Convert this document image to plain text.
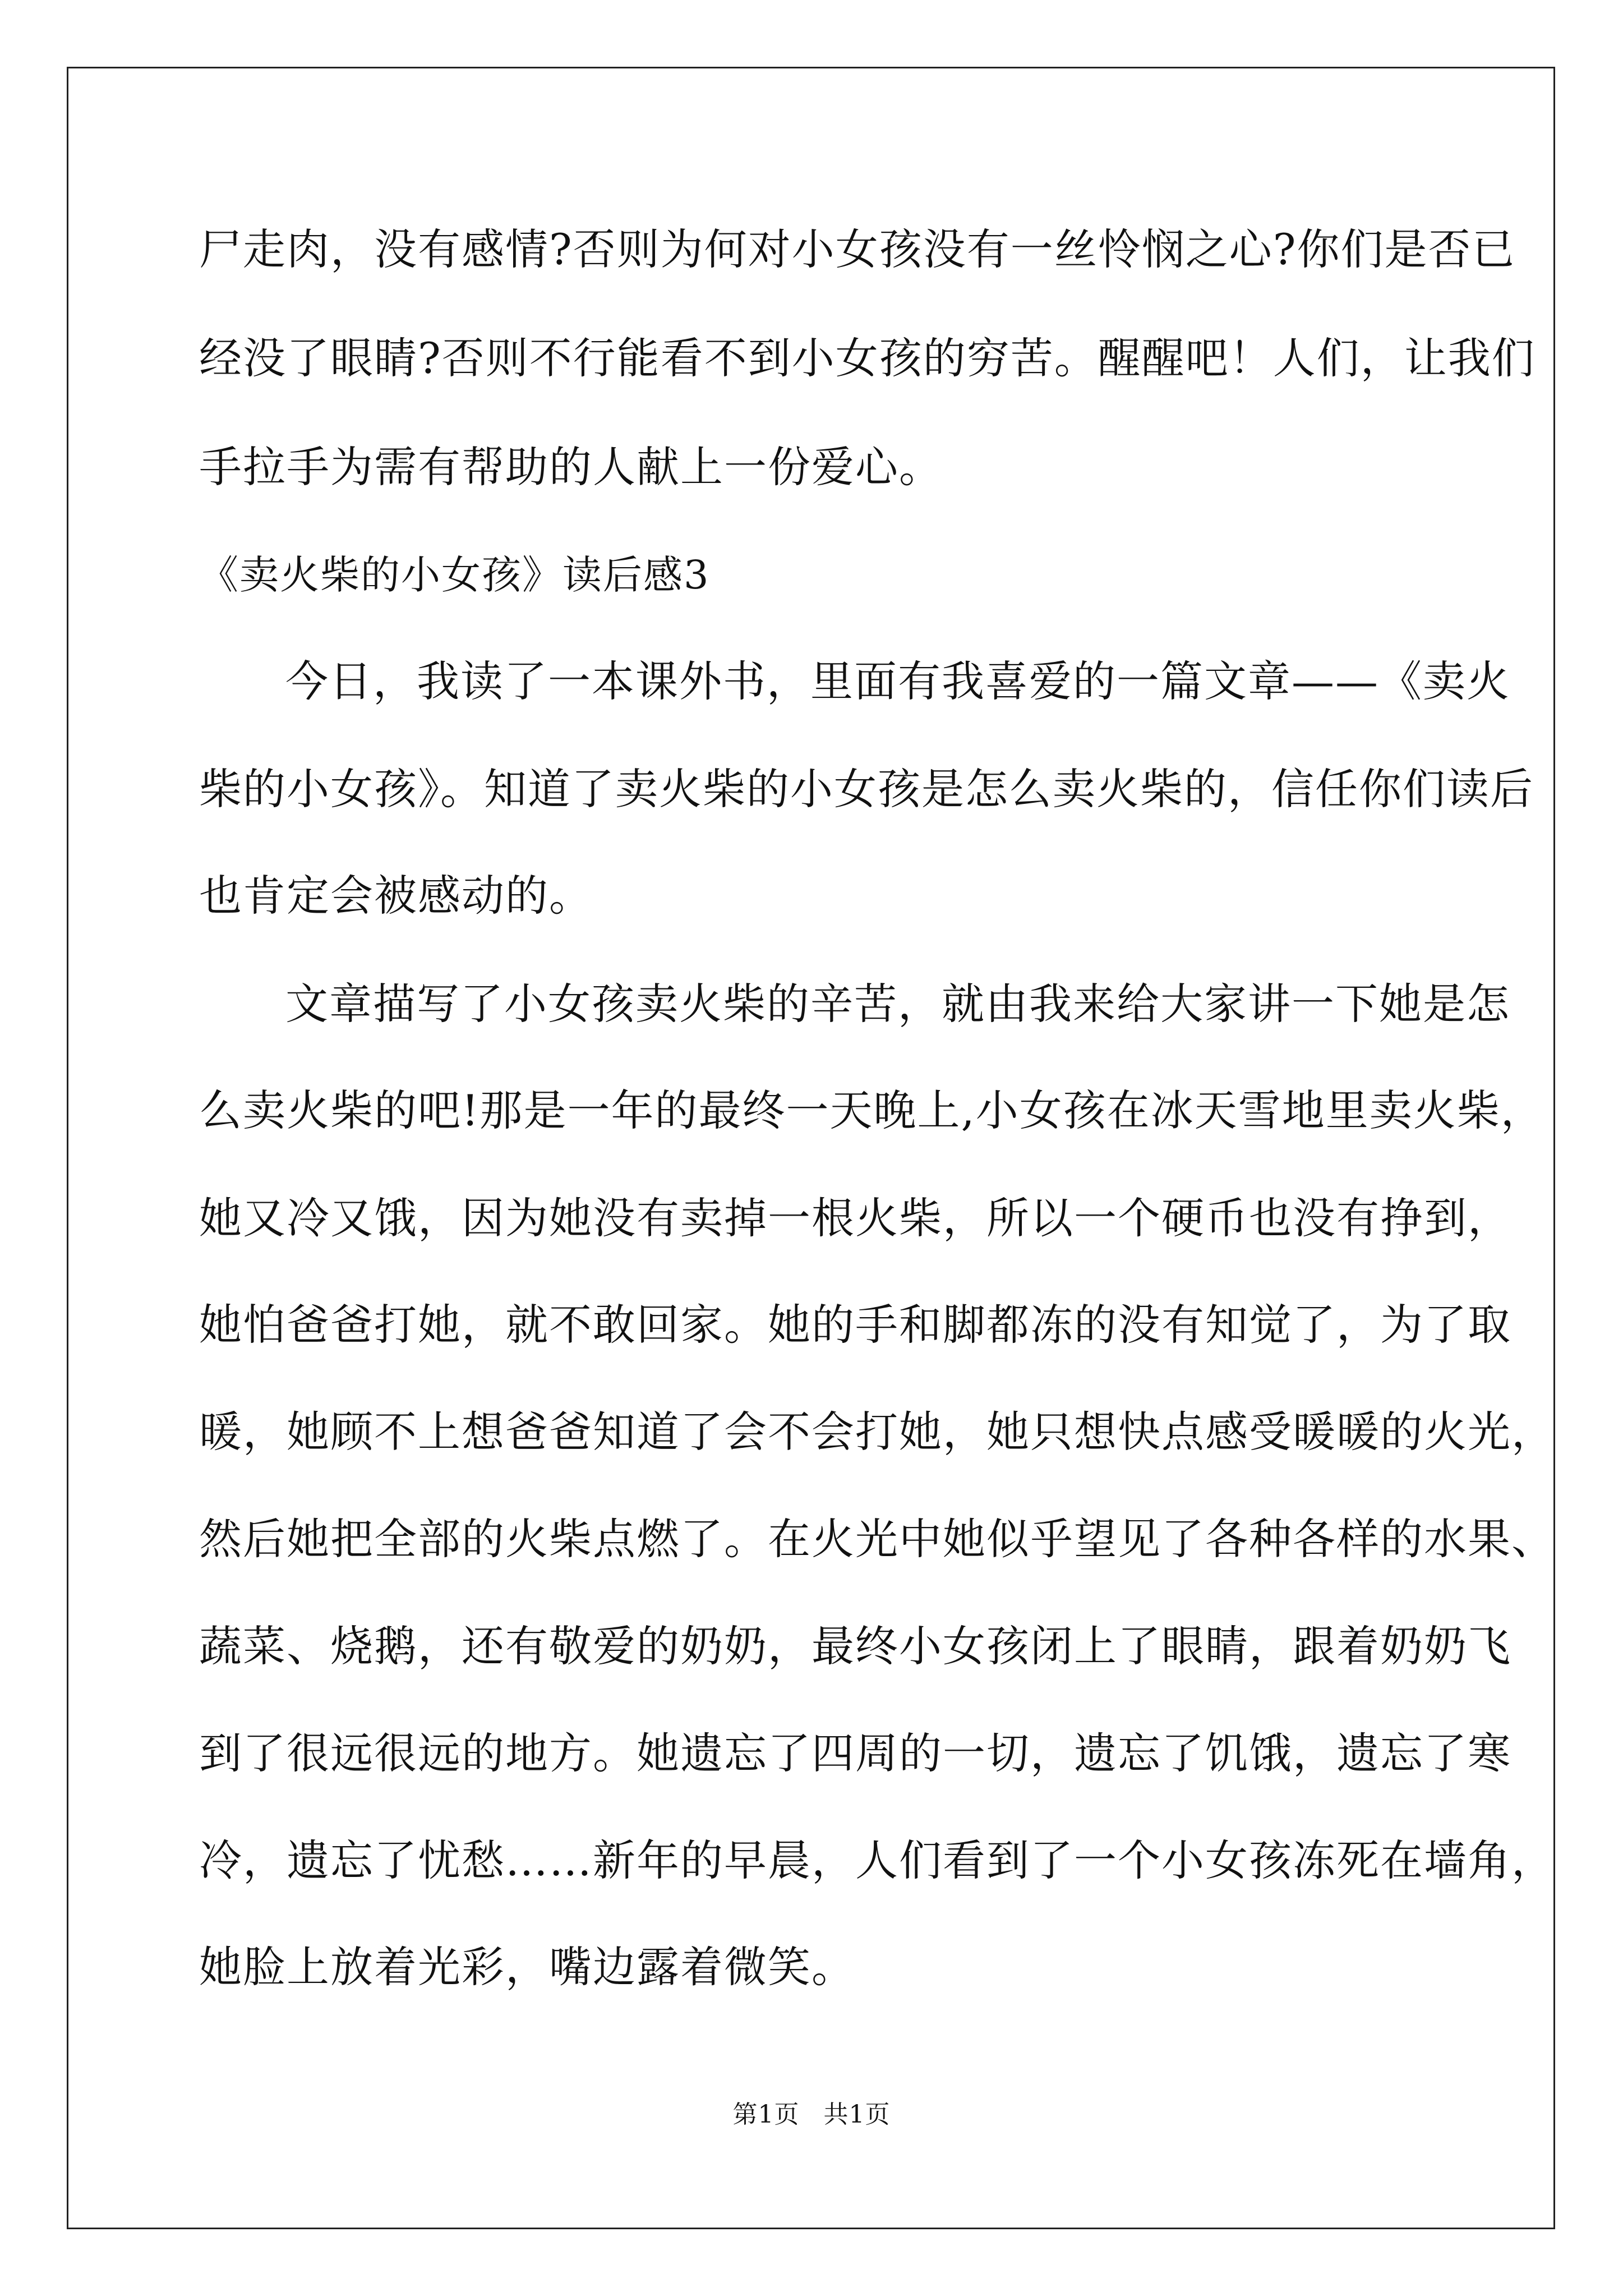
尸走肉，没有感情?否则为何对小女孩没有一丝怜悯之心?你们是否已
经没了眼睛?否则不行能看不到小女孩的穷苦。醒醒吧！人们，让我们
手拉手为需有帮助的人献上一份爱心。
《卖火柴的小女孩》读后感3
今日，我读了一本课外书，里面有我喜爱的一篇文章——《卖火
柴的小女孩》。知道了卖火柴的小女孩是怎么卖火柴的，信任你们读后
也肯定会被感动的。
文章描写了小女孩卖火柴的辛苦，就由我来给大家讲一下她是怎
么卖火柴的吧!那是一年的最终一天晚上,小女孩在冰天雪地里卖火柴，
她又冷又饿，因为她没有卖掉一根火柴，所以一个硬币也没有挣到，
她怕爸爸打她，就不敢回家。她的手和脚都冻的没有知觉了，为了取
暖，她顾不上想爸爸知道了会不会打她，她只想快点感受暖暖的火光，
然后她把全部的火柴点燃了。在火光中她似乎望见了各种各样的水果、
蔬菜、烧鹅，还有敬爱的奶奶，最终小女孩闭上了眼睛，跟着奶奶飞
到了很远很远的地方。她遗忘了四周的一切，遗忘了饥饿，遗忘了寒
冷，遗忘了忧愁……新年的早晨，人们看到了一个小女孩冻死在墙角，
她脸上放着光彩，嘴边露着微笑。
第1页 共1页
